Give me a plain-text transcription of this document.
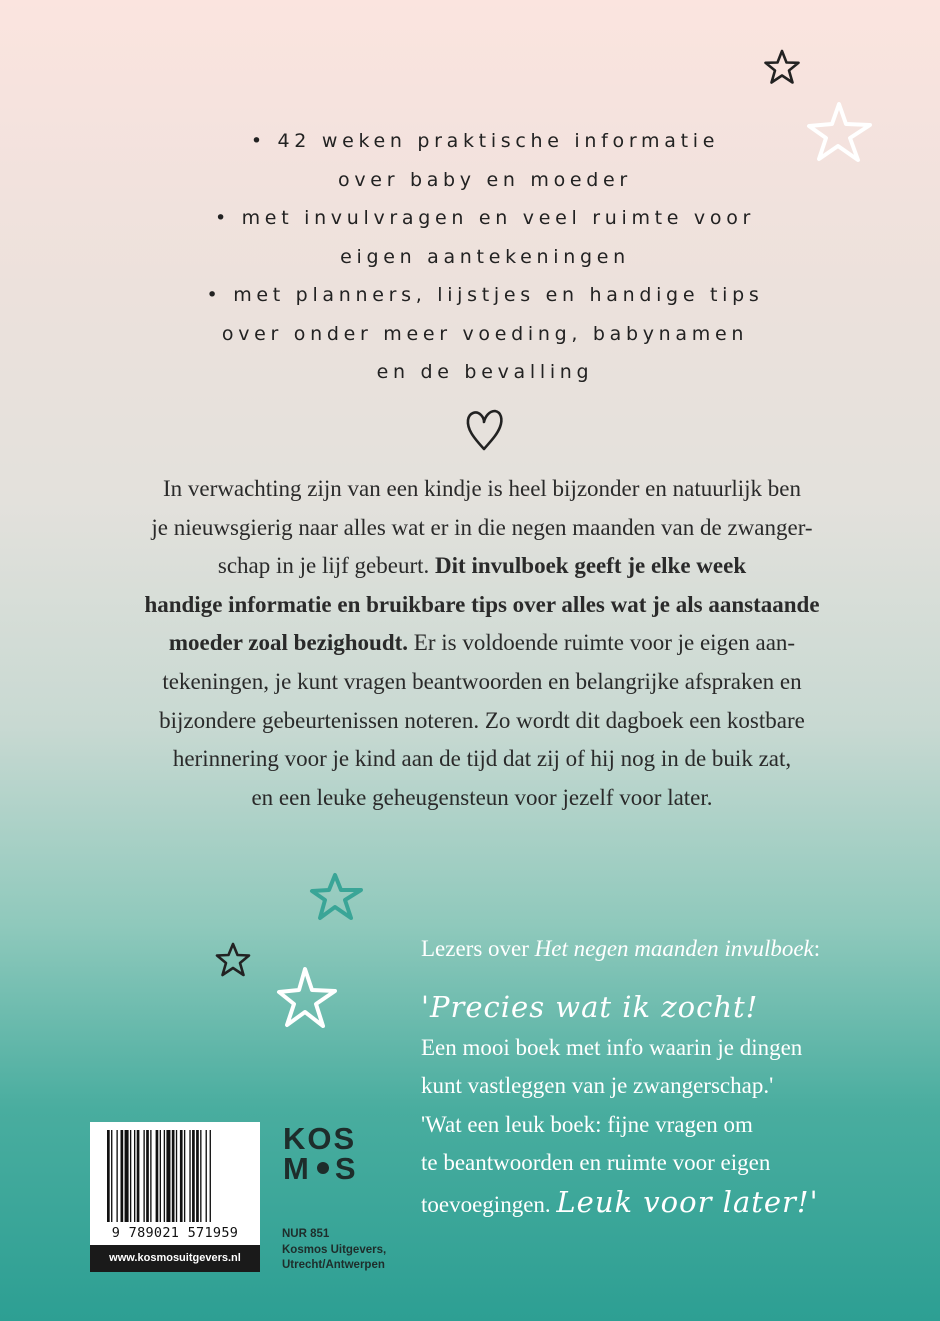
• 42 weken praktische informatie

over baby en moeder

• met invulvragen en veel ruimte voor

eigen aantekeningen

• met planners, lijstjes en handige tips

over onder meer voeding, babynamen

en de bevalling

In verwachting zijn van een kindje is heel bijzonder en natuurlijk ben

je nieuwsgierig naar alles wat er in die negen maanden van de zwanger-

schap in je lijf gebeurt. Dit invulboek geeft je elke week

handige informatie en bruikbare tips over alles wat je als aanstaande

moeder zoal bezighoudt. Er is voldoende ruimte voor je eigen aan-

tekeningen, je kunt vragen beantwoorden en belangrijke afspraken en

bijzondere gebeurtenissen noteren. Zo wordt dit dagboek een kostbare

herinnering voor je kind aan de tijd dat zij of hij nog in de buik zat,

en een leuke geheugensteun voor jezelf voor later.

Lezers over Het negen maanden invulboek:

'Precies wat ik zocht!

Een mooi boek met info waarin je dingen

kunt vastleggen van je zwangerschap.'

'Wat een leuk boek: fijne vragen om

te beantwoorden en ruimte voor eigen

toevoegingen. Leuk voor later!'

9 789021 571959
www.kosmosuitgevers.nl
KOS
M S

NUR 851

Kosmos Uitgevers,

Utrecht/Antwerpen
